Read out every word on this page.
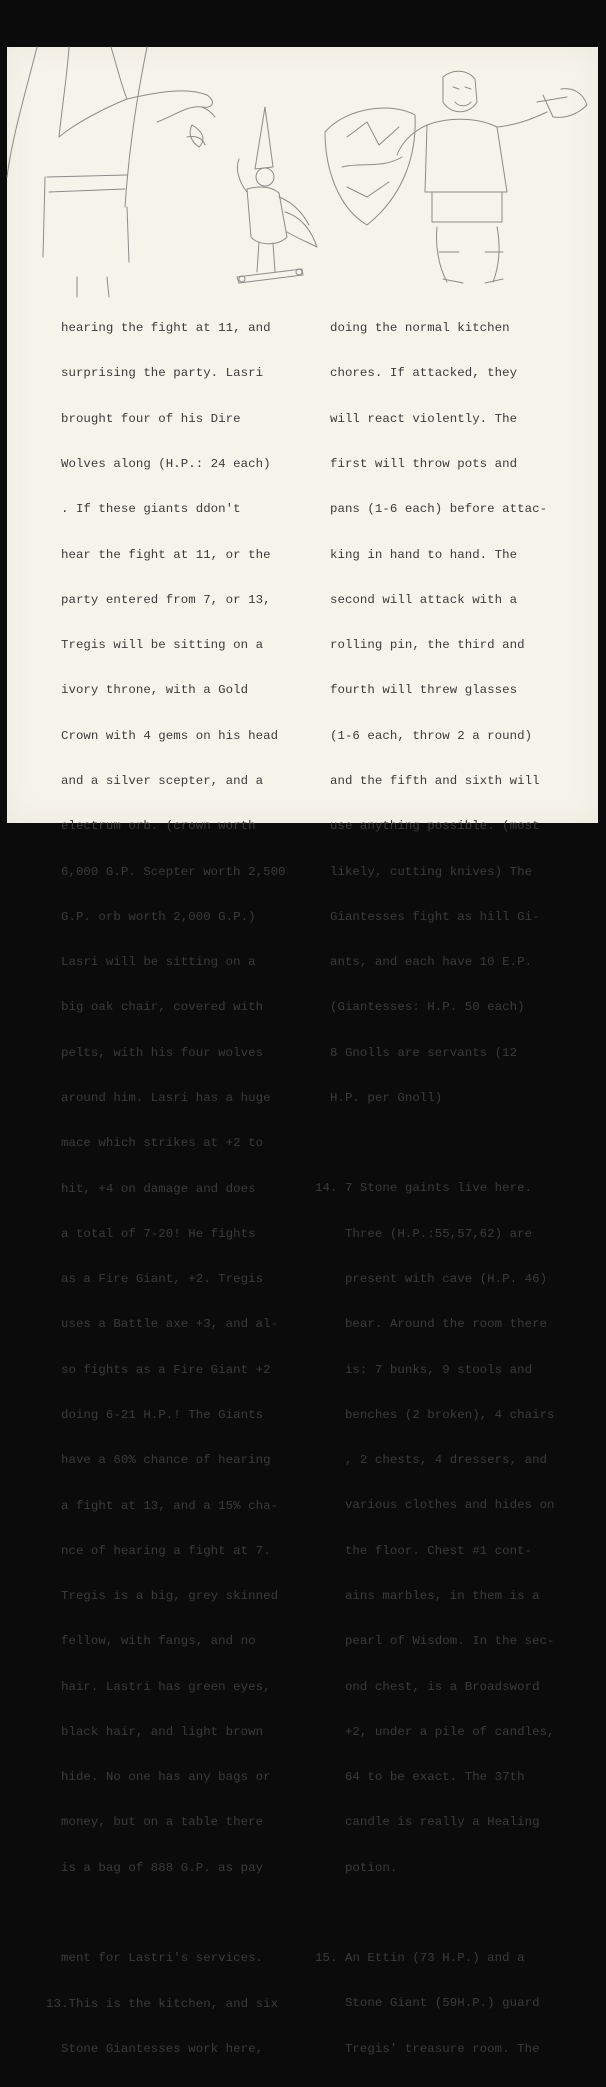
hearing the fight at 11, and

surprising the party. Lasri

brought four of his Dire

Wolves along (H.P.: 24 each)

. If these giants ddon't

hear the fight at 11, or the

party entered from 7, or 13,

Tregis will be sitting on a

ivory throne, with a Gold

Crown with 4 gems on his head

and a silver scepter, and a

electrum orb. (crown worth

6,000 G.P. Scepter worth 2,500

G.P. orb worth 2,000 G.P.)

Lasri will be sitting on a

big oak chair, covered with

pelts, with his four wolves

around him. Lasri has a huge

mace which strikes at +2 to

hit, +4 on damage and does

a total of 7-20! He fights

as a Fire Giant, +2. Tregis

uses a Battle axe +3, and al-

so fights as a Fire Giant +2

doing 6-21 H.P.! The Giants

have a 60% chance of hearing

a fight at 13, and a 15% cha-

nce of hearing a fight at 7.

Tregis is a big, grey skinned

fellow, with fangs, and no

hair. Lastri has green eyes,

black hair, and light brown

hide. No one has any bags or

money, but on a table there

is a bag of 888 G.P. as pay

ment for Lastri's services.

13.This is the kitchen, and six

Stone Giantesses work here,

doing the normal kitchen

chores. If attacked, they

will react violently. The

first will throw pots and

pans (1-6 each) before attac-

king in hand to hand. The

second will attack with a

rolling pin, the third and

fourth will threw glasses

(1-6 each, throw 2 a round)

and the fifth and sixth will

use anything possible. (most

likely, cutting knives) The

Giantesses fight as hill Gi-

ants, and each have 10 E.P.

(Giantesses: H.P. 50 each)

8 Gnolls are servants (12

H.P. per Gnoll)

14. 7 Stone gaints live here.

Three (H.P.:55,57,62) are

present with cave (H.P. 46)

bear. Around the room there

is: 7 bunks, 9 stools and

benches (2 broken), 4 chairs

, 2 chests, 4 dressers, and

various clothes and hides on

the floor. Chest #1 cont-

ains marbles, in them is a

pearl of Wisdom. In the sec-

ond chest, is a Broadsword

+2, under a pile of candles,

64 to be exact. The 37th

candle is really a Healing

potion.

15. An Ettin (73 H.P.) and a

Stone Giant (59H.P.) guard

Tregis' treasure room. The
